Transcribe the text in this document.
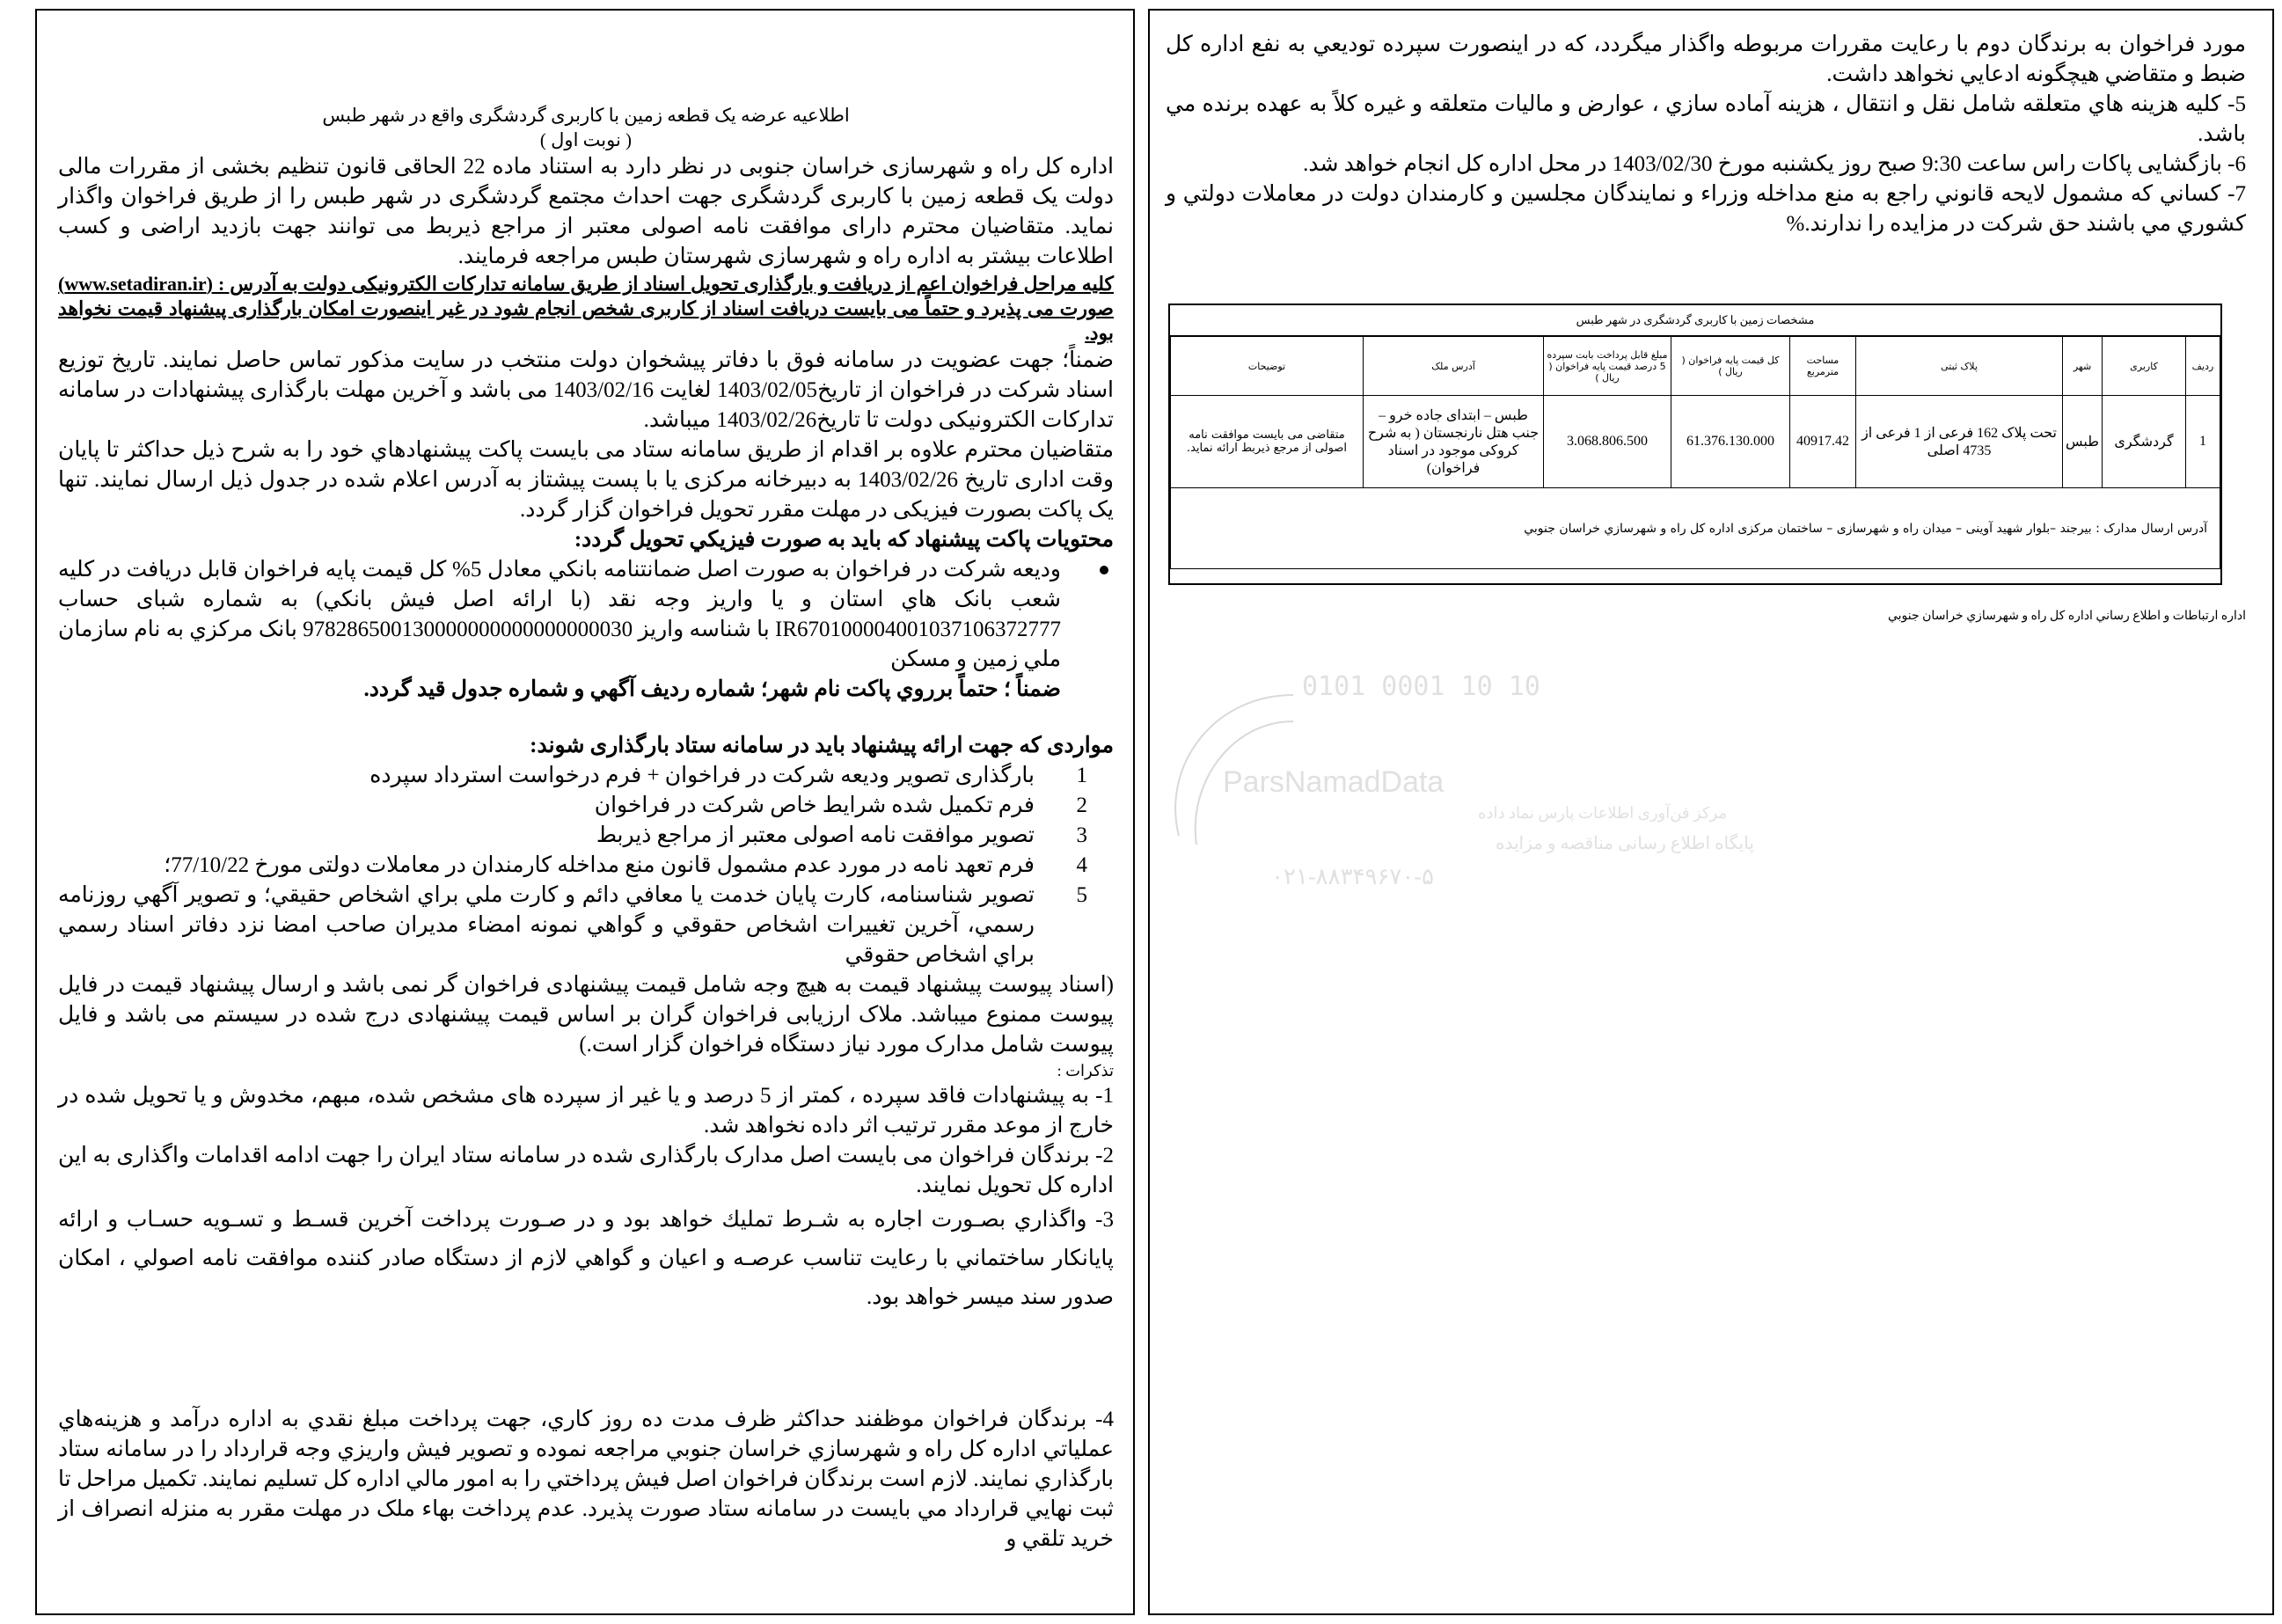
اطلاعیه عرضه یک قطعه زمین با کاربری گردشگری واقع در شهر طبس
( نوبت اول )

اداره کل راه و شهرسازی خراسان جنوبی در نظر دارد به استناد ماده 22 الحاقی قانون تنظیم بخشی از مقررات مالی دولت یک قطعه زمین با کاربری گردشگری جهت احداث مجتمع گردشگری در شهر طبس را از طریق فراخوان واگذار نماید. متقاضیان محترم دارای موافقت نامه اصولی معتبر از مراجع ذیربط می توانند جهت بازدید اراضی و کسب اطلاعات بیشتر به اداره راه و شهرسازی شهرستان طبس مراجعه فرمایند.

کلیه مراحل فراخوان اعم از دریافت و بارگذاری تحویل اسناد از طریق سامانه تدارکات الکترونیکی دولت به آدرس : (www.setadiran.ir) صورت می پذیرد و حتماً می بایست دریافت اسناد از کاربری شخص انجام شود در غیر اینصورت امکان بارگذاری پیشنهاد قیمت نخواهد بود.

ضمناً؛ جهت عضویت در سامانه فوق با دفاتر پیشخوان دولت منتخب در سایت مذکور تماس حاصل نمایند. تاریخ توزیع اسناد شرکت در فراخوان از تاریخ1403/02/05 لغایت 1403/02/16 می باشد و آخرین مهلت بارگذاری پیشنهادات در سامانه تدارکات الکترونیکی دولت تا تاریخ1403/02/26 میباشد.

متقاضیان محترم علاوه بر اقدام از طریق سامانه ستاد می بایست پاکت پیشنهادهاي خود را به شرح ذیل حداکثر تا پایان وقت اداری تاریخ 1403/02/26 به دبیرخانه مرکزی یا با پست پیشتاز به آدرس اعلام شده در جدول ذیل ارسال نمایند. تنها یک پاکت بصورت فیزیکی در مهلت مقرر تحویل فراخوان گزار گردد.

محتويات پاکت پيشنهاد که بايد به صورت فيزيکي تحويل گردد:

وديعه شرکت در فراخوان به صورت اصل ضمانتنامه بانكي معادل 5% کل قيمت پایه فراخوان قابل دريافت در کليه شعب بانک هاي استان و يا واريز وجه نقد (با ارائه اصل فيش بانکي) به شماره شبای حساب IR670100004001037106372777 با شناسه واریز 978286500130000000000000000030 بانک مرکزي به نام سازمان ملي زمين و مسكن

ضمناً ؛ حتماً برروي پاکت نام شهر؛ شماره رديف آگهي و شماره جدول قيد گردد.

مواردی که جهت ارائه پیشنهاد باید در سامانه ستاد بارگذاری شوند:

1
بارگذاری تصویر ودیعه شرکت در فراخوان + فرم درخواست استرداد سپرده
2
فرم تکمیل شده شرایط خاص شرکت در فراخوان
3
تصویر موافقت نامه اصولی معتبر از مراجع ذیربط
4
فرم تعهد نامه در مورد عدم مشمول قانون منع مداخله کارمندان در معاملات دولتی مورخ 77/10/22؛
5
تصوير شناسنامه، کارت پايان خدمت يا معافي دائم و کارت ملي براي اشخاص حقيقي؛ و تصوير آگهي روزنامه رسمي، آخرين تغييرات اشخاص حقوقي و گواهي نمونه امضاء مديران صاحب امضا نزد دفاتر اسناد رسمي براي اشخاص حقوقي

(اسناد پیوست پیشنهاد قیمت به هیچ وجه شامل قیمت پیشنهادی فراخوان گر نمی باشد و ارسال پیشنهاد قیمت در فایل پیوست ممنوع میباشد. ملاک ارزیابی فراخوان گران بر اساس قیمت پیشنهادی درج شده در سیستم می باشد و فایل پیوست شامل مدارک مورد نیاز دستگاه فراخوان گزار است.)

تذکرات :

1- به پیشنهادات فاقد سپرده ، کمتر از 5 درصد و یا غیر از سپرده های مشخص شده، مبهم، مخدوش و یا تحویل شده در خارج از موعد مقرر ترتیب اثر داده نخواهد شد.

2- برندگان فراخوان می بایست اصل مدارک بارگذاری شده در سامانه ستاد ایران را جهت ادامه اقدامات واگذاری به این اداره کل تحویل نمایند.

3- واگذاري بصـورت اجاره به شـرط تمليك خواهد بود و در صـورت پرداخت آخرين قسـط و تسـويه حسـاب و ارائه پايانكار ساختماني با رعايت تناسب عرصـه و اعيان و گواهي لازم از دستگاه صادر كننده موافقت نامه اصولي ، امكان صدور سند ميسر خواهد بود.

4- برندگان فراخوان موظفند حداکثر ظرف مدت ده روز کاري، جهت پرداخت مبلغ نقدي به اداره درآمد و هزينه‌هاي عملياتي اداره کل راه و شهرسازي خراسان جنوبي مراجعه نموده و تصوير فيش واريزي وجه قرارداد را در سامانه ستاد بارگذاري نمایند. لازم است برندگان فراخوان اصل فيش پرداختي را به امور مالي اداره کل تسليم نمایند. تکميل مراحل تا ثبت نهايي قرارداد مي بايست در سامانه ستاد صورت پذيرد. عدم پرداخت بهاء ملک در مهلت مقرر به منزله انصراف از خريد تلقي و

مورد فراخوان به برندگان دوم با رعايت مقررات مربوطه واگذار ميگردد، که در اينصورت سپرده توديعي به نفع اداره کل ضبط و متقاضي هيچگونه ادعايي نخواهد داشت.

5- کليه هزينه هاي متعلقه شامل نقل و انتقال ، هزينه آماده سازي ، عوارض و ماليات متعلقه و غيره کلاً به عهده برنده مي باشد.

6- بازگشایی پاکات راس ساعت 9:30 صبح روز یکشنبه مورخ 1403/02/30 در محل اداره کل انجام خواهد شد.

7- کساني که مشمول لايحه قانوني راجع به منع مداخله وزراء و نمايندگان مجلسين و کارمندان دولت در معاملات دولتي و کشوري مي باشند حق شرکت در مزايده را ندارند.%

اداره ارتباطات و اطلاع رساني اداره كل راه و شهرسازي خراسان جنوبي
مشخصات زمین با کاربری گردشگری در شهر طبس
ردیف	کاربری	شهر	پلاک ثبتی	مساحت مترمربع	کل قیمت پایه فراخوان ( ریال )	مبلغ قابل پرداخت بابت سپرده 5 درصد قیمت پایه فراخوان ( ریال )	آدرس ملک	توضیحات
1	گردشگری	طبس	تحت پلاک 162 فرعی از 1 فرعی از 4735 اصلی	40917.42	61.376.130.000	3.068.806.500	طبس – ابتدای جاده خرو – جنب هتل نارنجستان ( به شرح کروکی موجود در اسناد فراخوان)	متقاضی می بایست موافقت نامه اصولی از مرجع ذیربط ارائه نماید.
آدرس ارسال مدارک : بیرجند –بلوار شهید آوینی – میدان راه و شهرسازی – ساختمان مرکزی اداره کل راه و شهرسازي خراسان جنوبي								
0101 0001 10 10
ParsNamadData
مرکز فن‌آوری اطلاعات پارس نماد داده
پایگاه اطلاع رسانی مناقصه و مزایده
۰۲۱-۸۸۳۴۹۶۷۰-۵
